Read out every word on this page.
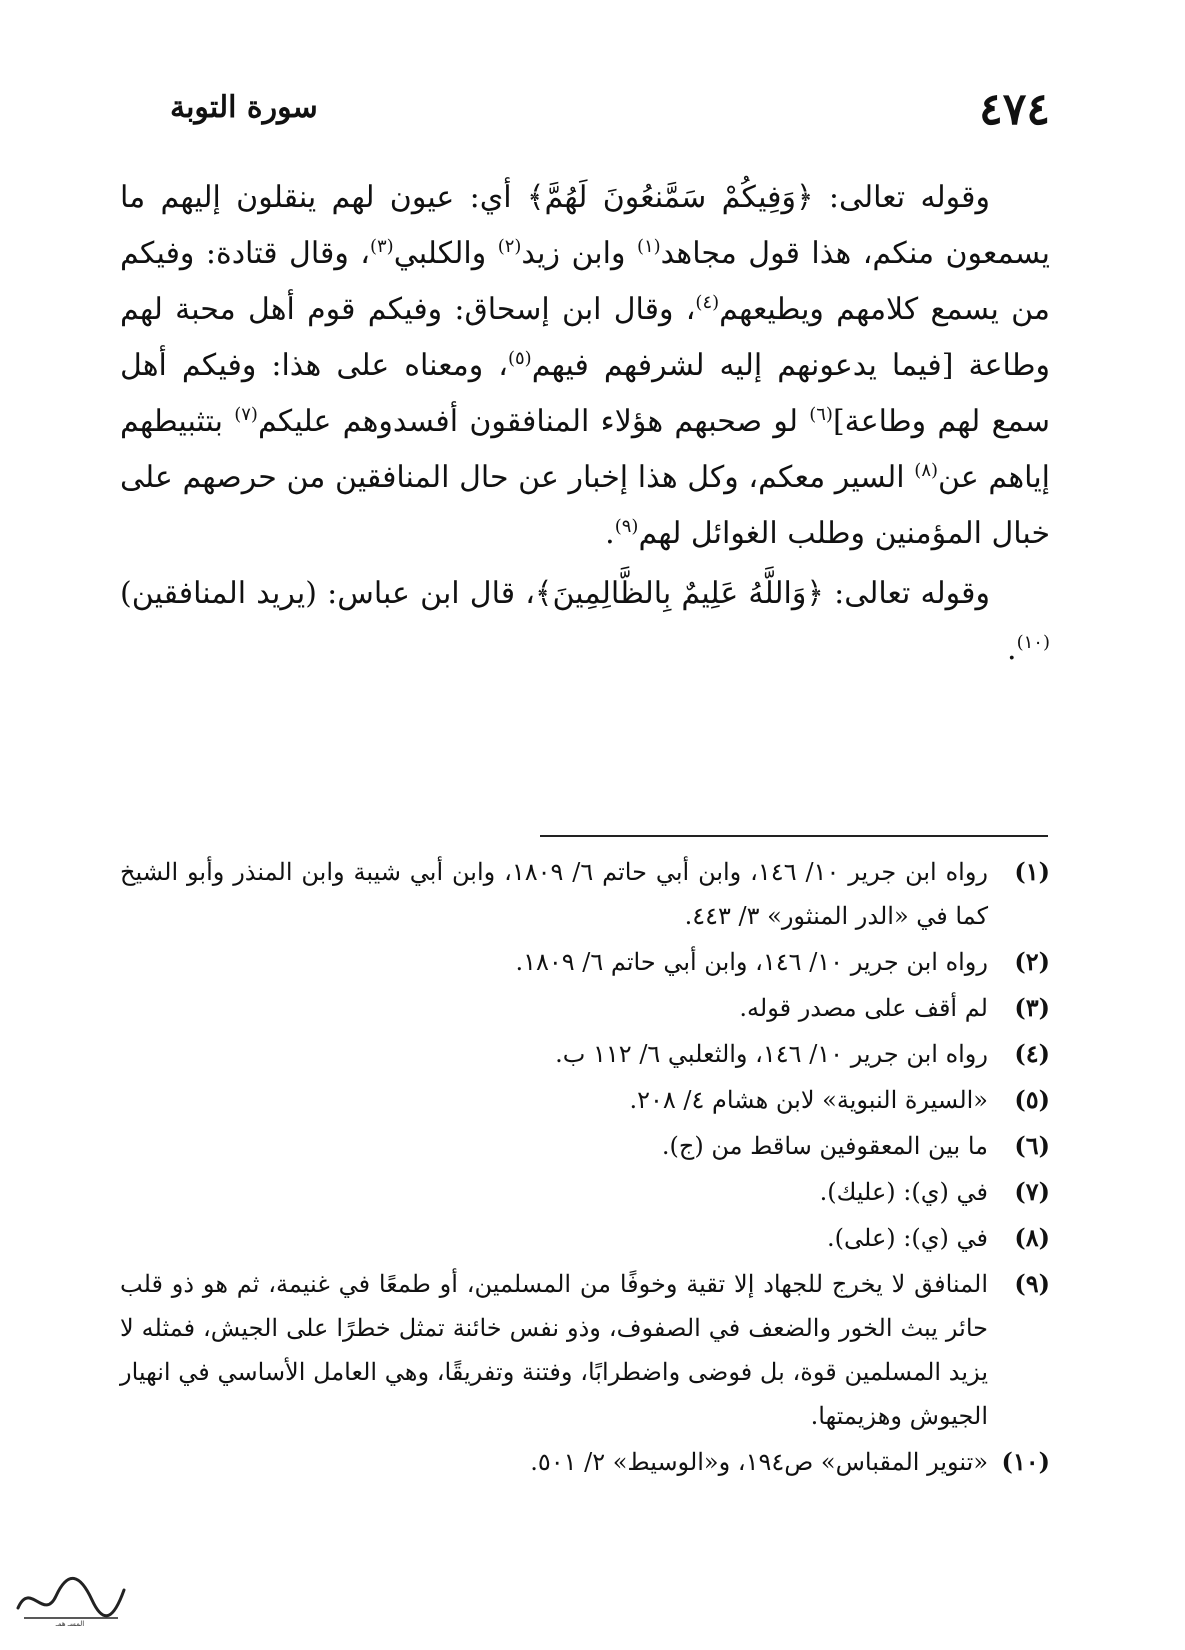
٤٧٤
سورة التوبة

وقوله تعالى: ﴿وَفِيكُمْ سَمَّنعُونَ لَهُمَّ﴾ أي: عيون لهم ينقلون إليهم ما يسمعون منكم، هذا قول مجاهد$^{(١)}$ وابن زيد$^{(٢)}$ والكلبي$^{(٣)}$، وقال قتادة: وفيكم من يسمع كلامهم ويطيعهم$^{(٤)}$، وقال ابن إسحاق: وفيكم قوم أهل محبة لهم وطاعة [فيما يدعونهم إليه لشرفهم فيهم$^{(٥)}$، ومعناه على هذا: وفيكم أهل سمع لهم وطاعة]$^{(٦)}$ لو صحبهم هؤلاء المنافقون أفسدوهم عليكم$^{(٧)}$ بتثبيطهم إياهم عن$^{(٨)}$ السير معكم، وكل هذا إخبار عن حال المنافقين من حرصهم على خبال المؤمنين وطلب الغوائل لهم$^{(٩)}$.

وقوله تعالى: ﴿وَاللَّهُ عَلِيمٌ بِالظَّالِمِينَ﴾، قال ابن عباس: (يريد المنافقين)$^{(١٠)}$.

(١)
رواه ابن جرير ١٠/ ١٤٦، وابن أبي حاتم ٦/ ١٨٠٩، وابن أبي شيبة وابن المنذر وأبو الشيخ كما في «الدر المنثور» ٣/ ٤٤٣.
(٢)
رواه ابن جرير ١٠/ ١٤٦، وابن أبي حاتم ٦/ ١٨٠٩.
(٣)
لم أقف على مصدر قوله.
(٤)
رواه ابن جرير ١٠/ ١٤٦، والثعلبي ٦/ ١١٢ ب.
(٥)
«السيرة النبوية» لابن هشام ٤/ ٢٠٨.
(٦)
ما بين المعقوفين ساقط من (ج).
(٧)
في (ي): (عليك).
(٨)
في (ي): (على).
(٩)
المنافق لا يخرج للجهاد إلا تقية وخوفًا من المسلمين، أو طمعًا في غنيمة، ثم هو ذو قلب حائر يبث الخور والضعف في الصفوف، وذو نفس خائنة تمثل خطرًا على الجيش، فمثله لا يزيد المسلمين قوة، بل فوضى واضطرابًا، وفتنة وتفريقًا، وهي العامل الأساسي في انهيار الجيوش وهزيمتها.
(١٠)
«تنوير المقباس» ص١٩٤، و«الوسيط» ٢/ ٥٠١.
المسـ همـ
